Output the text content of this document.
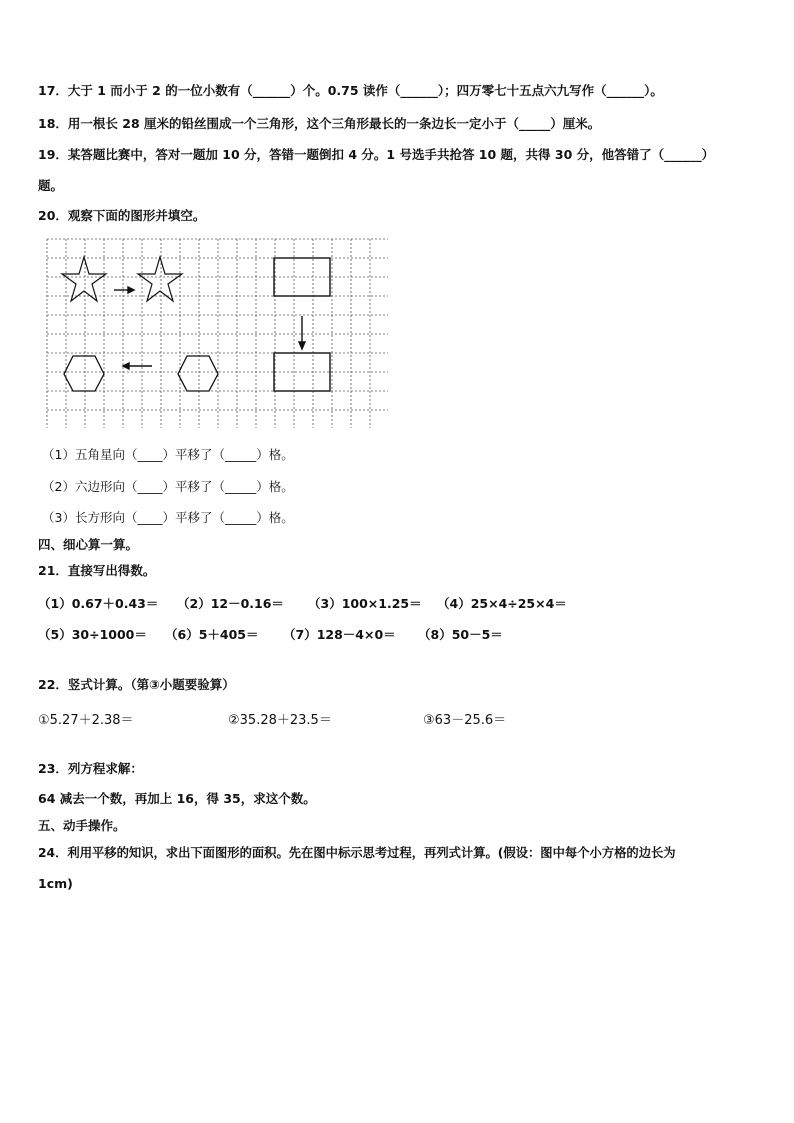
17．大于 1 而小于 2 的一位小数有（______）个。0.75 读作（______）；四万零七十五点六九写作（______）。
18．用一根长 28 厘米的铅丝围成一个三角形，这个三角形最长的一条边长一定小于（_____）厘米。
19．某答题比赛中，答对一题加 10 分，答错一题倒扣 4 分。1 号选手共抢答 10 题，共得 30 分，他答错了（______）
题。
20．观察下面的图形并填空。
（1）五角星向（____）平移了（_____）格。
（2）六边形向（____）平移了（_____）格。
（3）长方形向（____）平移了（_____）格。
四、细心算一算。
21．直接写出得数。
（1）0.67＋0.43＝ （2）12－0.16＝ （3）100×1.25＝ （4）25×4÷25×4＝
（5）30÷1000＝ （6）5＋405＝ （7）128－4×0＝ （8）50－5＝
22．竖式计算。（第③小题要验算）
①5.27＋2.38＝	②35.28＋23.5＝	③63－25.6＝
23．列方程求解：
64 减去一个数，再加上 16，得 35，求这个数。
五、动手操作。
24．利用平移的知识，求出下面图形的面积。先在图中标示思考过程，再列式计算。(假设：图中每个小方格的边长为
1cm)
